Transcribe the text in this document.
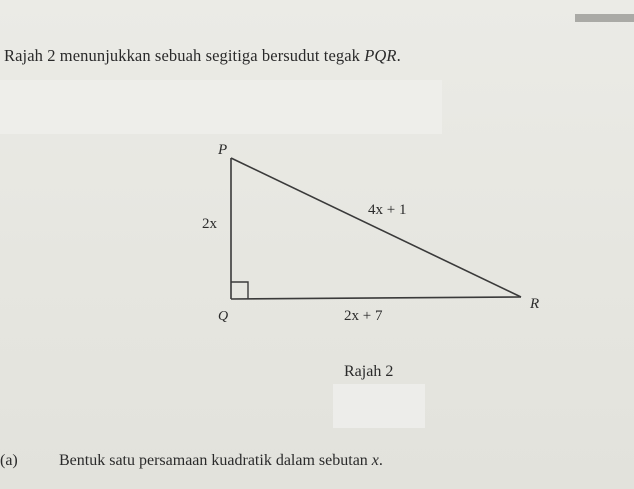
Rajah 2 menunjukkan sebuah segitiga bersudut tegak PQR.
P
Q
R
2x
4x + 1
2x + 7
Rajah 2
(a)	Bentuk satu persamaan kuadratik dalam sebutan x.
